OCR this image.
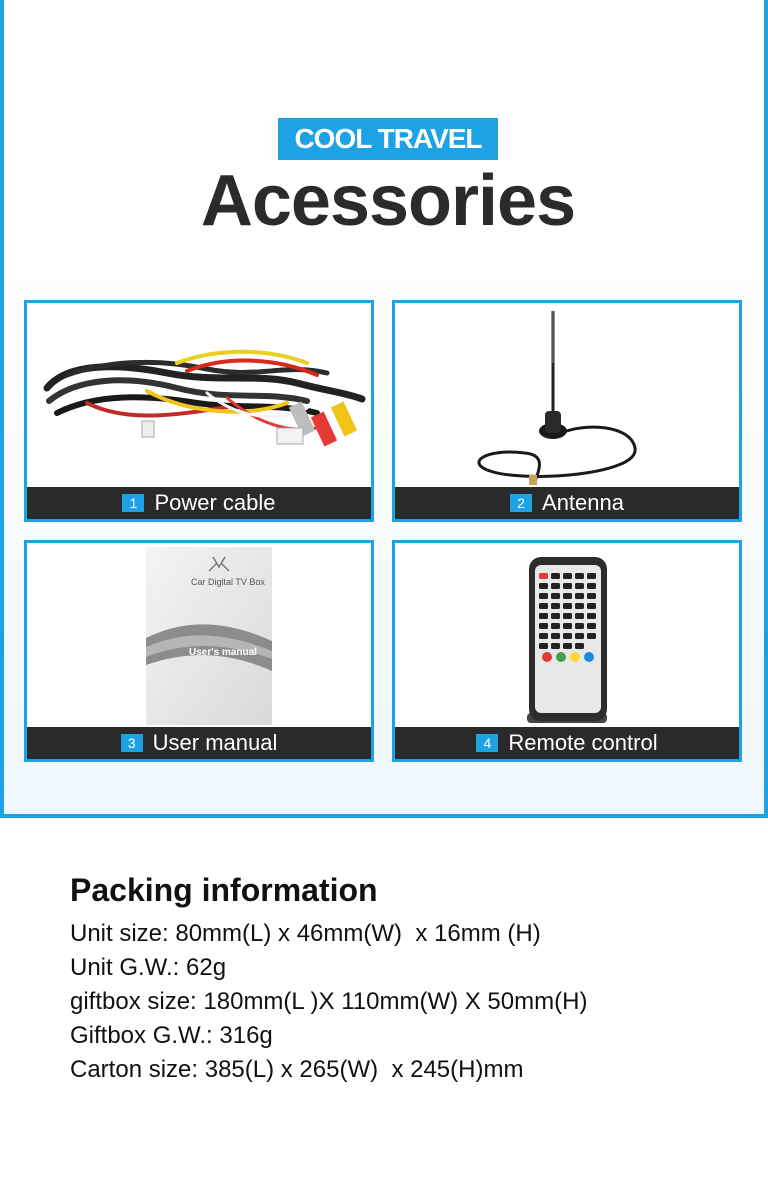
COOL TRAVEL
Acessories
1 Power cable	2 Antenna
Car Digital TV Box
User's manual
3 User manual	4 Remote control
Packing information
Unit size: 80mm(L) x 46mm(W)  x 16mm (H)
Unit G.W.: 62g
giftbox size: 180mm(L )X 110mm(W) X 50mm(H)
Giftbox G.W.: 316g
Carton size: 385(L) x 265(W)  x 245(H)mm
